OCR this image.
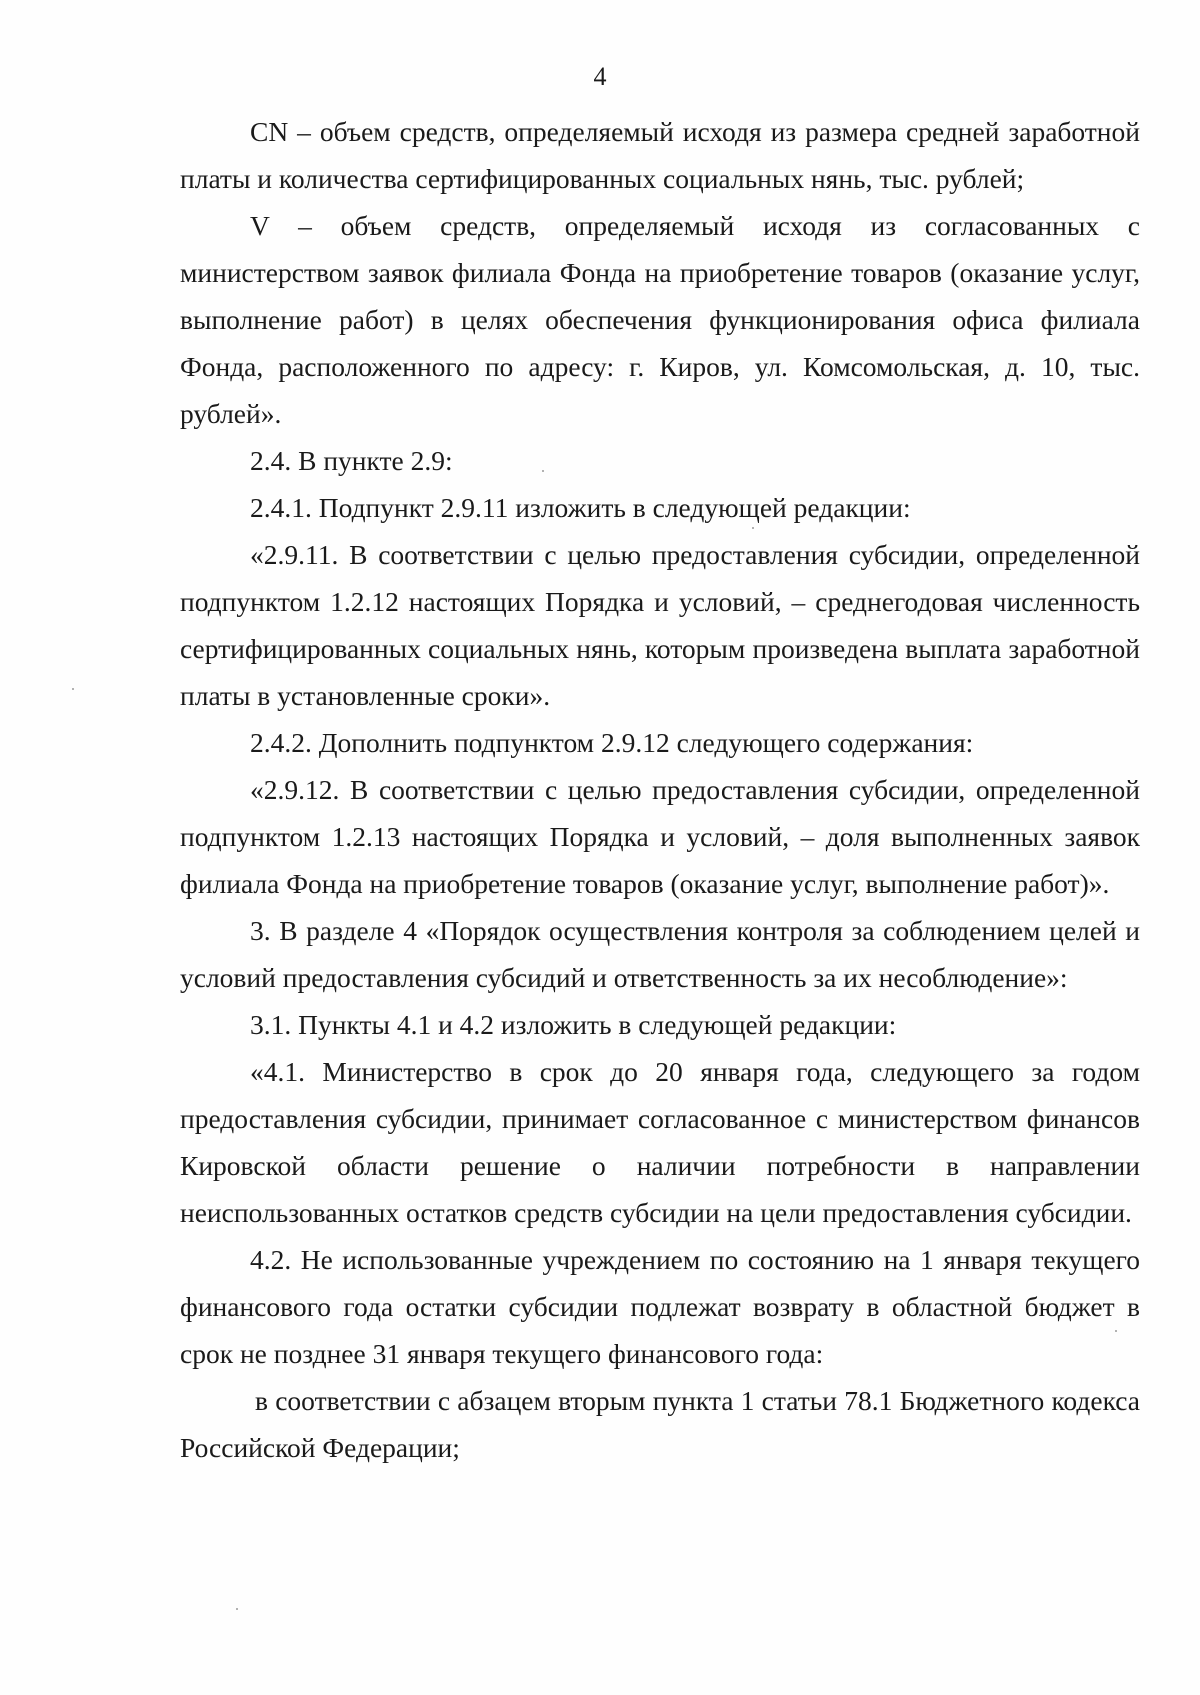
4

CN – объем средств, определяемый исходя из размера средней заработной платы и количества сертифицированных социальных нянь, тыс. рублей;

V – объем средств, определяемый исходя из согласованных с министерством заявок филиала Фонда на приобретение товаров (оказание услуг, выполнение работ) в целях обеспечения функционирования офиса филиала Фонда, расположенного по адресу: г. Киров, ул. Комсомольская, д. 10, тыс. рублей».

2.4. В пункте 2.9:

2.4.1. Подпункт 2.9.11 изложить в следующей редакции:

«2.9.11. В соответствии с целью предоставления субсидии, определенной подпунктом 1.2.12 настоящих Порядка и условий, – среднегодовая численность сертифицированных социальных нянь, которым произведена выплата заработной платы в установленные сроки».

2.4.2. Дополнить подпунктом 2.9.12 следующего содержания:

«2.9.12. В соответствии с целью предоставления субсидии, определенной подпунктом 1.2.13 настоящих Порядка и условий, – доля выполненных заявок филиала Фонда на приобретение товаров (оказание услуг, выполнение работ)».

3. В разделе 4 «Порядок осуществления контроля за соблюдением целей и условий предоставления субсидий и ответственность за их несоблюдение»:

3.1. Пункты 4.1 и 4.2 изложить в следующей редакции:

«4.1. Министерство в срок до 20 января года, следующего за годом предоставления субсидии, принимает согласованное с министерством финансов Кировской области решение о наличии потребности в направлении неиспользованных остатков средств субсидии на цели предоставления субсидии.

4.2. Не использованные учреждением по состоянию на 1 января текущего финансового года остатки субсидии подлежат возврату в областной бюджет в срок не позднее 31 января текущего финансового года:

в соответствии с абзацем вторым пункта 1 статьи 78.1 Бюджетного кодекса Российской Федерации;
